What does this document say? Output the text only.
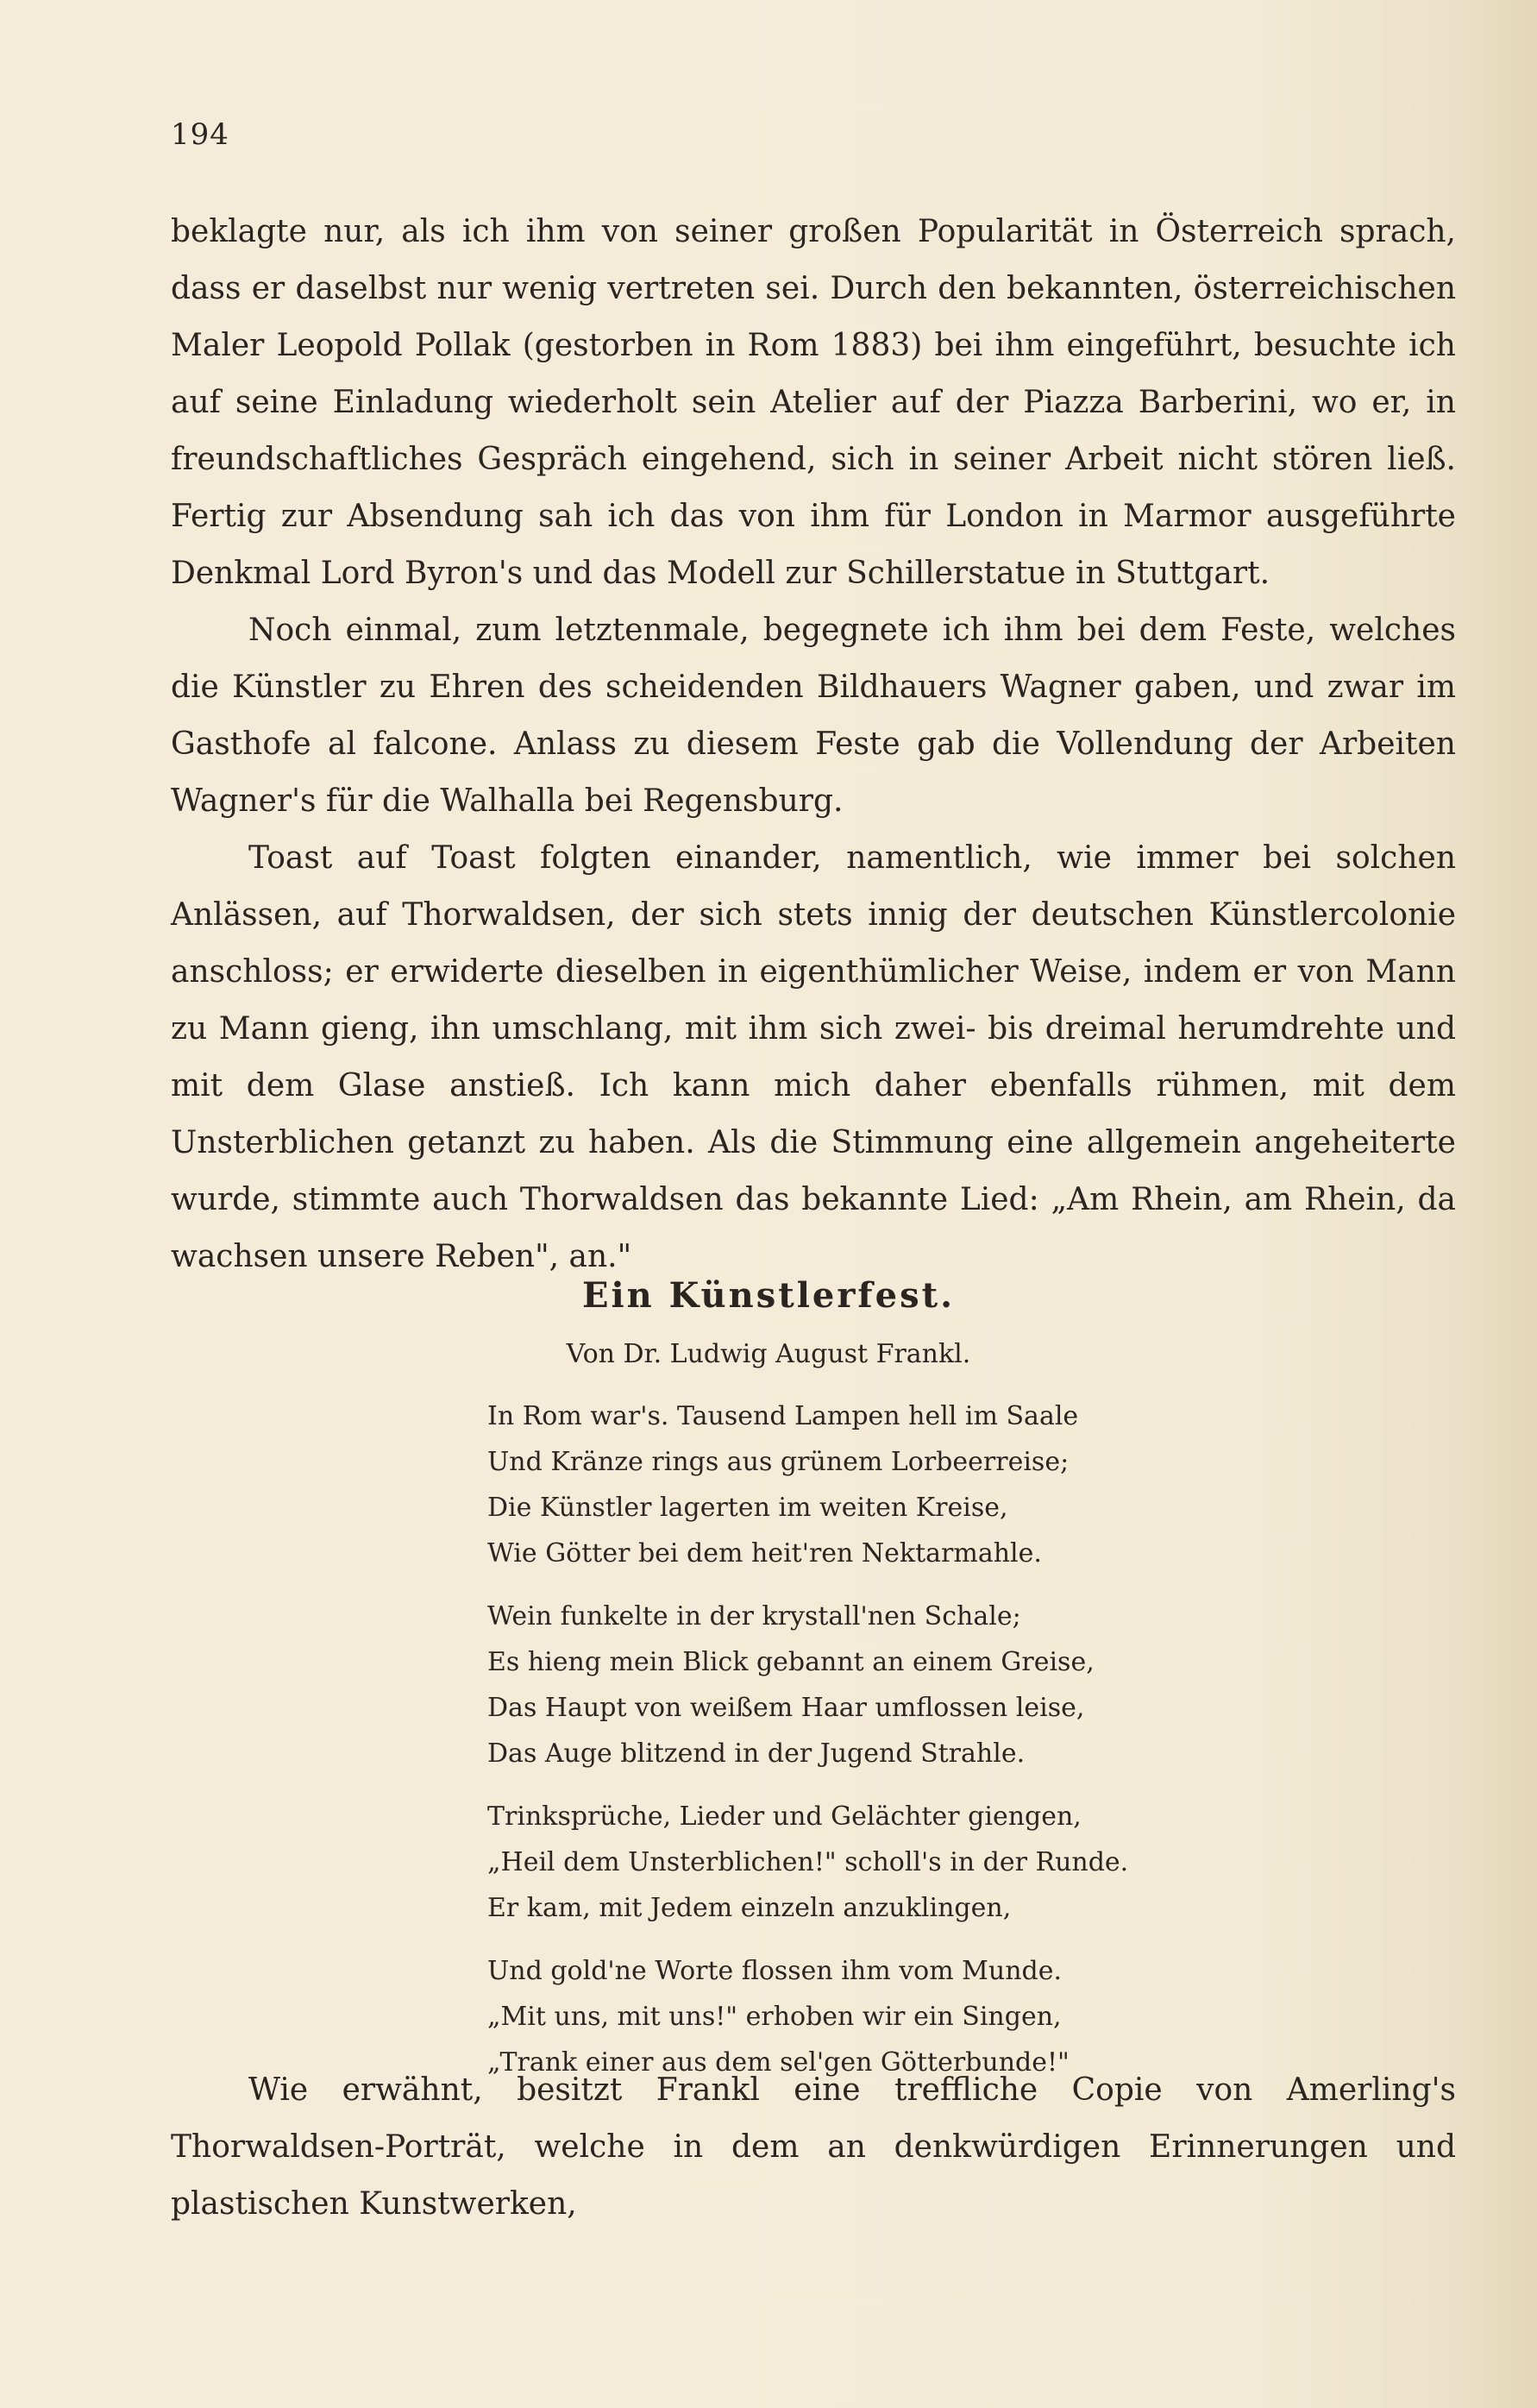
194

beklagte nur, als ich ihm von seiner großen Popularität in Österreich sprach, dass er daselbst nur wenig vertreten sei. Durch den bekannten, österreichischen Maler Leopold Pollak (gestorben in Rom 1883) bei ihm eingeführt, besuchte ich auf seine Einladung wiederholt sein Atelier auf der Piazza Barberini, wo er, in freundschaftliches Gespräch eingehend, sich in seiner Arbeit nicht stören ließ. Fertig zur Absendung sah ich das von ihm für London in Marmor ausgeführte Denkmal Lord Byron's und das Modell zur Schillerstatue in Stuttgart.

Noch einmal, zum letztenmale, begegnete ich ihm bei dem Feste, welches die Künstler zu Ehren des scheidenden Bildhauers Wagner gaben, und zwar im Gasthofe al falcone. Anlass zu diesem Feste gab die Vollendung der Arbeiten Wagner's für die Walhalla bei Regensburg.

Toast auf Toast folgten einander, namentlich, wie immer bei solchen Anlässen, auf Thorwaldsen, der sich stets innig der deutschen Künstlercolonie anschloss; er erwiderte dieselben in eigenthümlicher Weise, indem er von Mann zu Mann gieng, ihn umschlang, mit ihm sich zwei- bis dreimal herumdrehte und mit dem Glase anstieß. Ich kann mich daher ebenfalls rühmen, mit dem Unsterblichen getanzt zu haben. Als die Stimmung eine allgemein angeheiterte wurde, stimmte auch Thorwaldsen das bekannte Lied: „Am Rhein, am Rhein, da wachsen unsere Reben", an."

Ein Künstlerfest.
Von Dr. Ludwig August Frankl.
In Rom war's. Tausend Lampen hell im Saale
Und Kränze rings aus grünem Lorbeerreise;
Die Künstler lagerten im weiten Kreise,
Wie Götter bei dem heit'ren Nektarmahle.
Wein funkelte in der krystall'nen Schale;
Es hieng mein Blick gebannt an einem Greise,
Das Haupt von weißem Haar umflossen leise,
Das Auge blitzend in der Jugend Strahle.
Trinksprüche, Lieder und Gelächter giengen,
„Heil dem Unsterblichen!" scholl's in der Runde.
Er kam, mit Jedem einzeln anzuklingen,
Und gold'ne Worte flossen ihm vom Munde.
„Mit uns, mit uns!" erhoben wir ein Singen,
„Trank einer aus dem sel'gen Götterbunde!"

Wie erwähnt, besitzt Frankl eine treffliche Copie von Amerling's Thorwaldsen-Porträt, welche in dem an denkwürdigen Erinnerungen und plastischen Kunstwerken,
